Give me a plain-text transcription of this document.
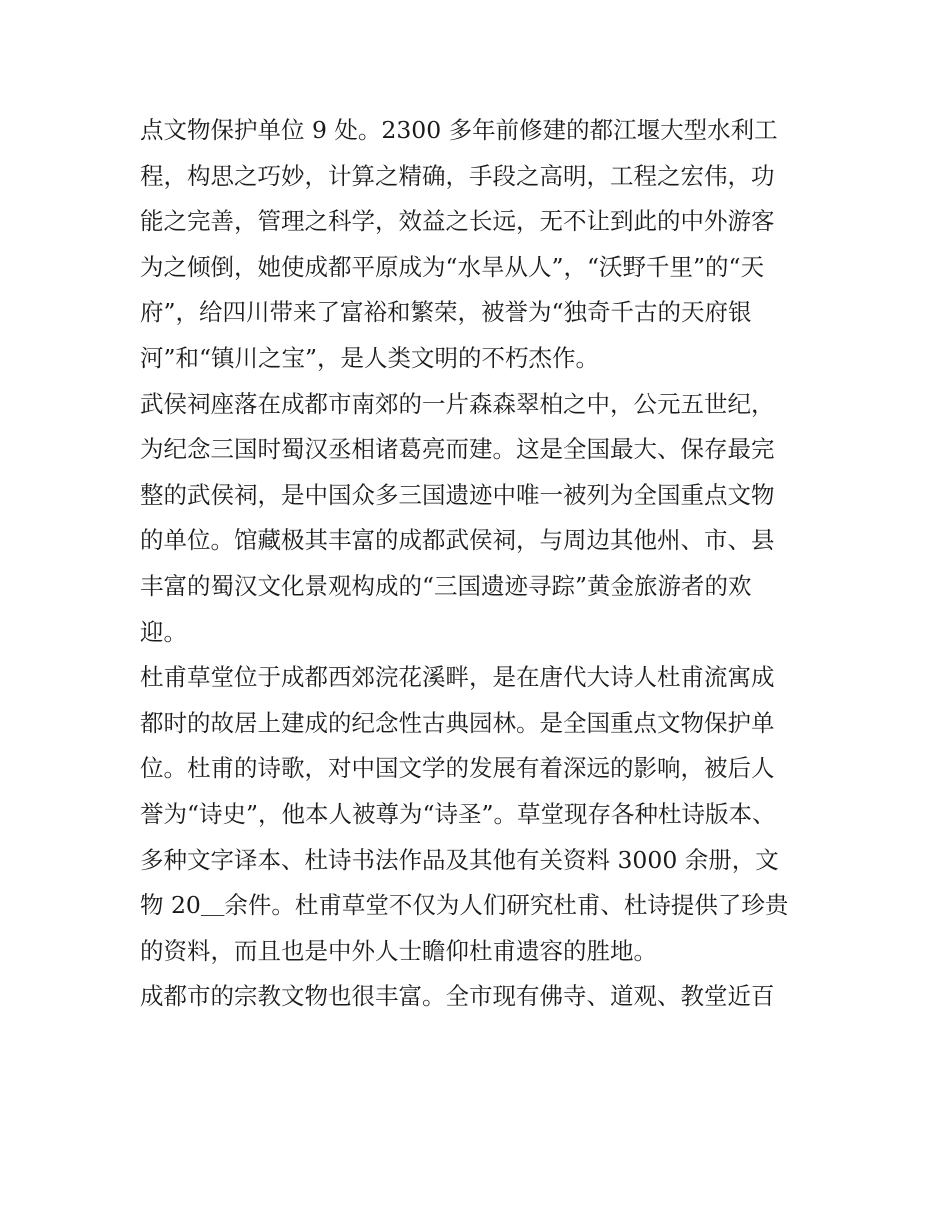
点文物保护单位 9 处。2300 多年前修建的都江堰大型水利工
程，构思之巧妙，计算之精确，手段之高明，工程之宏伟，功
能之完善，管理之科学，效益之长远，无不让到此的中外游客
为之倾倒，她使成都平原成为“水旱从人”，“沃野千里”的“天
府”，给四川带来了富裕和繁荣，被誉为“独奇千古的天府银
河”和“镇川之宝”，是人类文明的不朽杰作。
武侯祠座落在成都市南郊的一片森森翠柏之中，公元五世纪，
为纪念三国时蜀汉丞相诸葛亮而建。这是全国最大、保存最完
整的武侯祠，是中国众多三国遗迹中唯一被列为全国重点文物
的单位。馆藏极其丰富的成都武侯祠，与周边其他州、市、县
丰富的蜀汉文化景观构成的“三国遗迹寻踪”黄金旅游者的欢
迎。
杜甫草堂位于成都西郊浣花溪畔，是在唐代大诗人杜甫流寓成
都时的故居上建成的纪念性古典园林。是全国重点文物保护单
位。杜甫的诗歌，对中国文学的发展有着深远的影响，被后人
誉为“诗史”，他本人被尊为“诗圣”。草堂现存各种杜诗版本、
多种文字译本、杜诗书法作品及其他有关资料 3000 余册，文
物 20＿余件。杜甫草堂不仅为人们研究杜甫、杜诗提供了珍贵
的资料，而且也是中外人士瞻仰杜甫遗容的胜地。
成都市的宗教文物也很丰富。全市现有佛寺、道观、教堂近百
